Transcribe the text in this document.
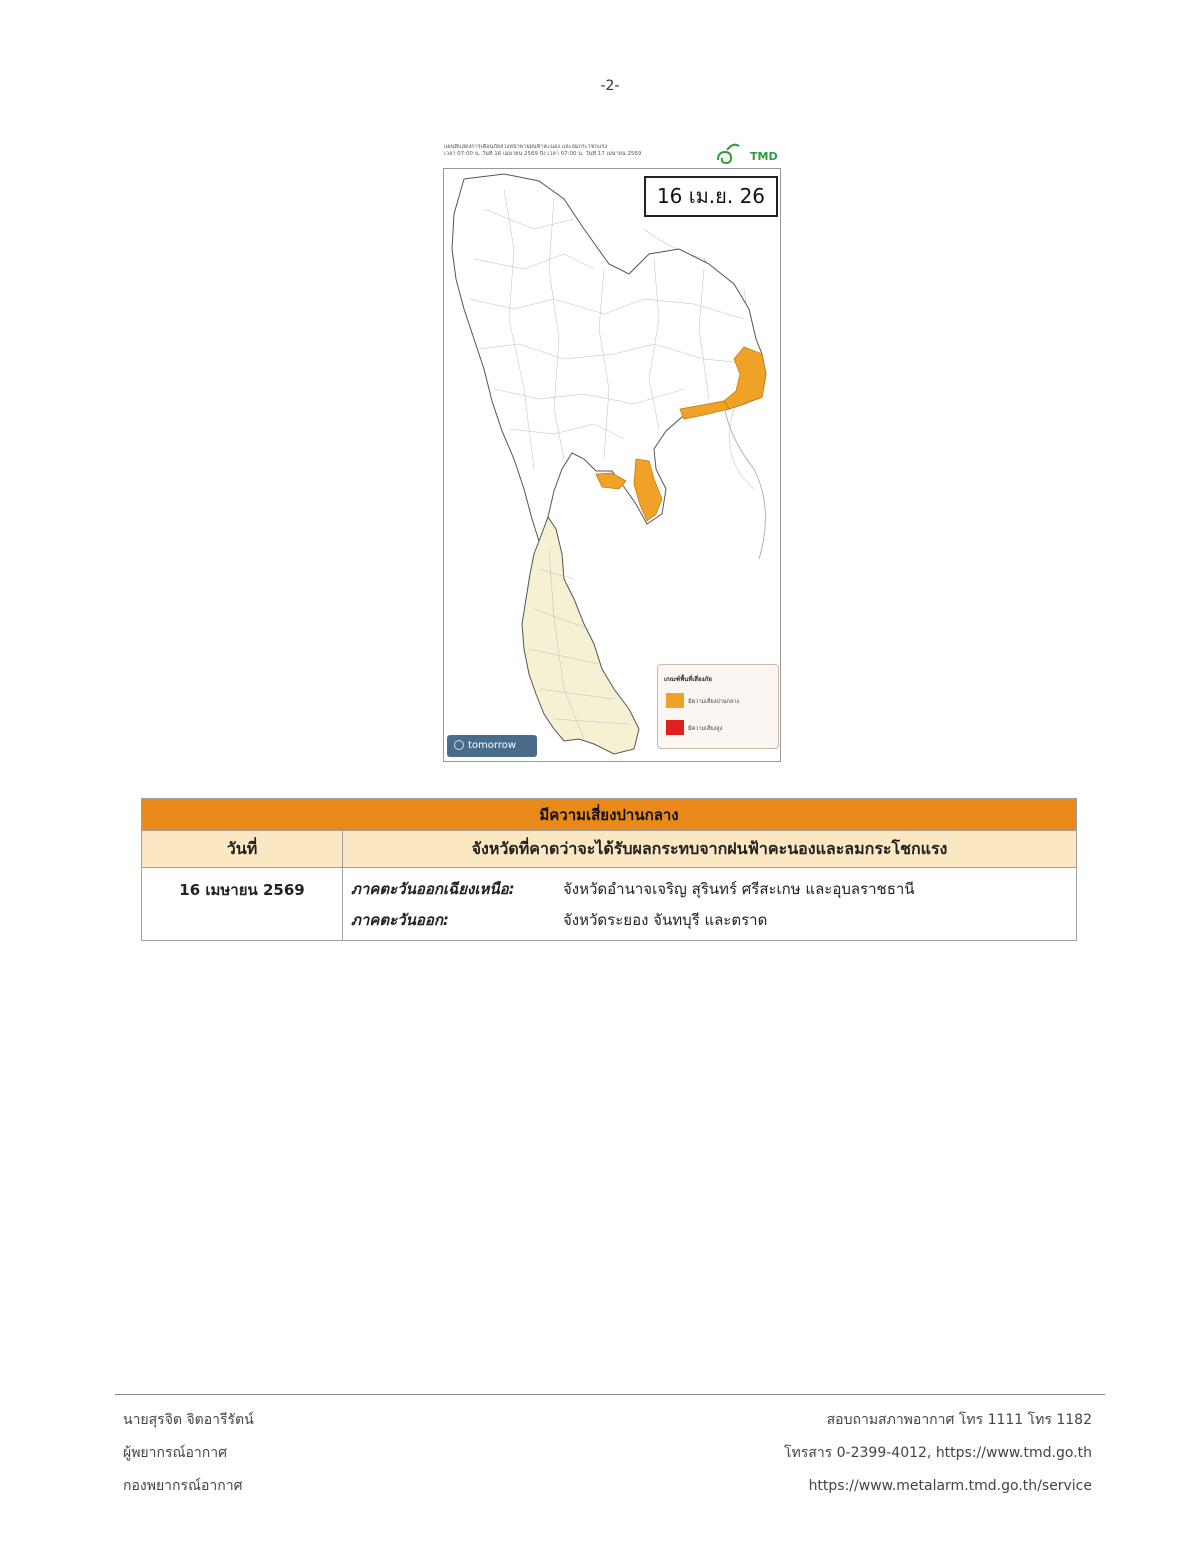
-2-
แผนที่แสดงการเตือนภัยล่วงหน้าพายุฝนฟ้าคะนอง และลมกระโชกแรง
เวลา 07:00 น. วันที่ 16 เมษายน 2569 ถึง เวลา 07:00 น. วันที่ 17 เมษายน 2569	TMD
16 เม.ย. 26
เกณฑ์พื้นที่เสี่ยงภัย
มีความเสี่ยงปานกลาง
มีความเสี่ยงสูง
tomorrow
มีความเสี่ยงปานกลาง	
วันที่	จังหวัดที่คาดว่าจะได้รับผลกระทบจากฝนฟ้าคะนองและลมกระโชกแรง
16 เมษายน 2569	ภาคตะวันออกเฉียงเหนือ: จังหวัดอำนาจเจริญ สุรินทร์ ศรีสะเกษ และอุบลราชธานี
ภาคตะวันออก: จังหวัดระยอง จันทบุรี และตราด
นายสุรจิต จิตอารีรัตน์
ผู้พยากรณ์อากาศ
กองพยากรณ์อากาศ
สอบถามสภาพอากาศ โทร 1111 โทร 1182
โทรสาร 0-2399-4012, https://www.tmd.go.th
https://www.metalarm.tmd.go.th/service
